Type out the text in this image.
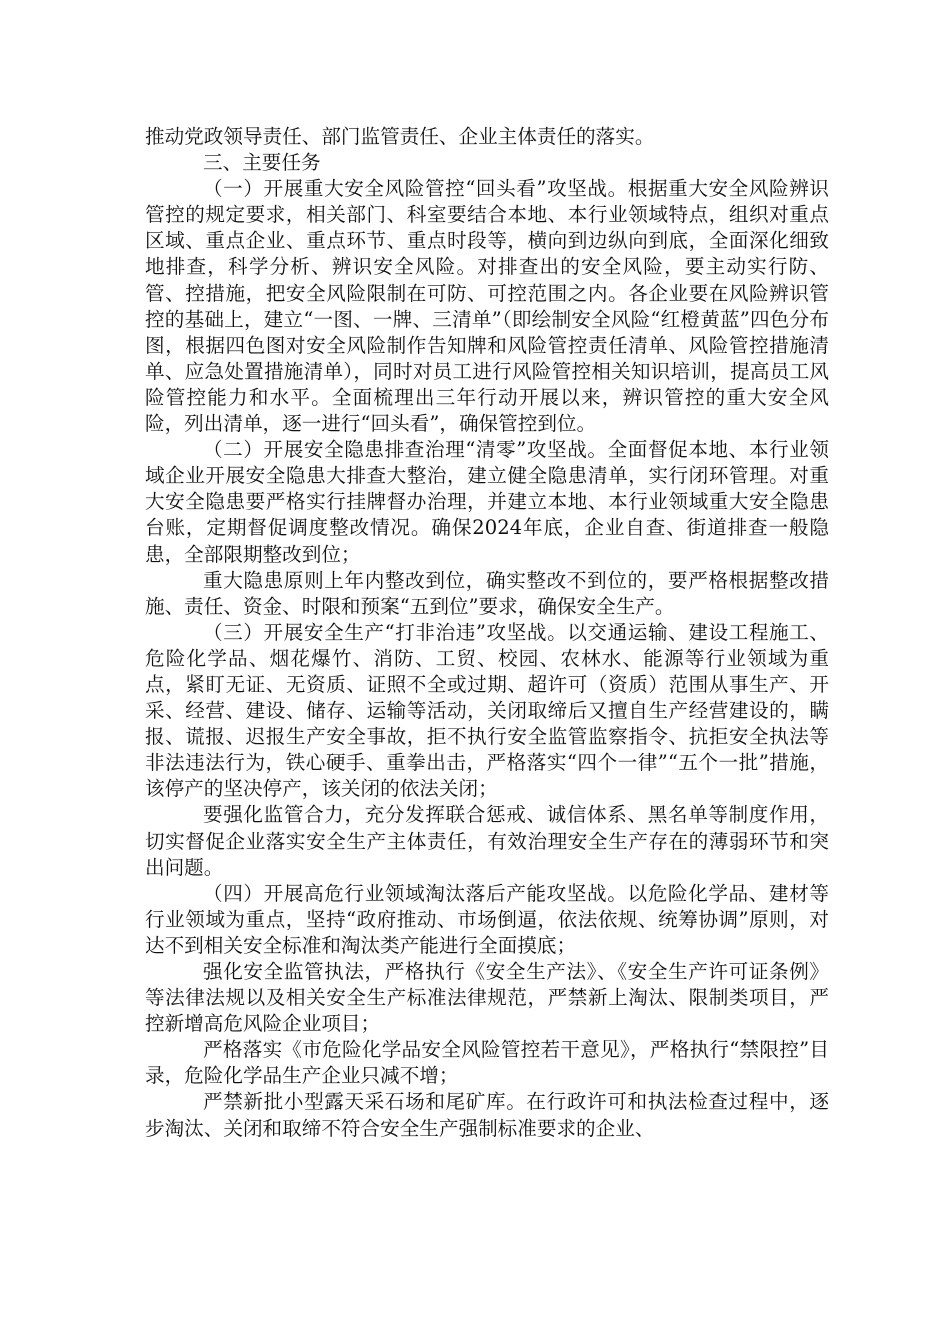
推动党政领导责任、部门监管责任、企业主体责任的落实。

三、主要任务

（一）开展重大安全风险管控“回头看”攻坚战。根据重大安全风险辨识管控的规定要求，相关部门、科室要结合本地、本行业领域特点，组织对重点区域、重点企业、重点环节、重点时段等，横向到边纵向到底，全面深化细致地排查，科学分析、辨识安全风险。对排查出的安全风险，要主动实行防、管、控措施，把安全风险限制在可防、可控范围之内。各企业要在风险辨识管控的基础上，建立“一图、一牌、三清单”（即绘制安全风险“红橙黄蓝”四色分布图，根据四色图对安全风险制作告知牌和风险管控责任清单、风险管控措施清单、应急处置措施清单），同时对员工进行风险管控相关知识培训，提高员工风险管控能力和水平。全面梳理出三年行动开展以来，辨识管控的重大安全风险，列出清单，逐一进行“回头看”，确保管控到位。

（二）开展安全隐患排查治理“清零”攻坚战。全面督促本地、本行业领域企业开展安全隐患大排查大整治，建立健全隐患清单，实行闭环管理。对重大安全隐患要严格实行挂牌督办治理，并建立本地、本行业领域重大安全隐患台账，定期督促调度整改情况。确保2024年底，企业自查、街道排查一般隐患，全部限期整改到位；

重大隐患原则上年内整改到位，确实整改不到位的，要严格根据整改措施、责任、资金、时限和预案“五到位”要求，确保安全生产。

（三）开展安全生产“打非治违”攻坚战。以交通运输、建设工程施工、危险化学品、烟花爆竹、消防、工贸、校园、农林水、能源等行业领域为重点，紧盯无证、无资质、证照不全或过期、超许可（资质）范围从事生产、开采、经营、建设、储存、运输等活动，关闭取缔后又擅自生产经营建设的，瞒报、谎报、迟报生产安全事故，拒不执行安全监管监察指令、抗拒安全执法等非法违法行为，铁心硬手、重拳出击，严格落实“四个一律”“五个一批”措施，该停产的坚决停产，该关闭的依法关闭；

要强化监管合力，充分发挥联合惩戒、诚信体系、黑名单等制度作用，切实督促企业落实安全生产主体责任，有效治理安全生产存在的薄弱环节和突出问题。

（四）开展高危行业领域淘汰落后产能攻坚战。以危险化学品、建材等行业领域为重点，坚持“政府推动、市场倒逼，依法依规、统筹协调”原则，对达不到相关安全标准和淘汰类产能进行全面摸底；

强化安全监管执法，严格执行《安全生产法》、《安全生产许可证条例》等法律法规以及相关安全生产标准法律规范，严禁新上淘汰、限制类项目，严控新增高危风险企业项目；

严格落实《市危险化学品安全风险管控若干意见》，严格执行“禁限控”目录，危险化学品生产企业只减不增；

严禁新批小型露天采石场和尾矿库。在行政许可和执法检查过程中，逐步淘汰、关闭和取缔不符合安全生产强制标准要求的企业、
